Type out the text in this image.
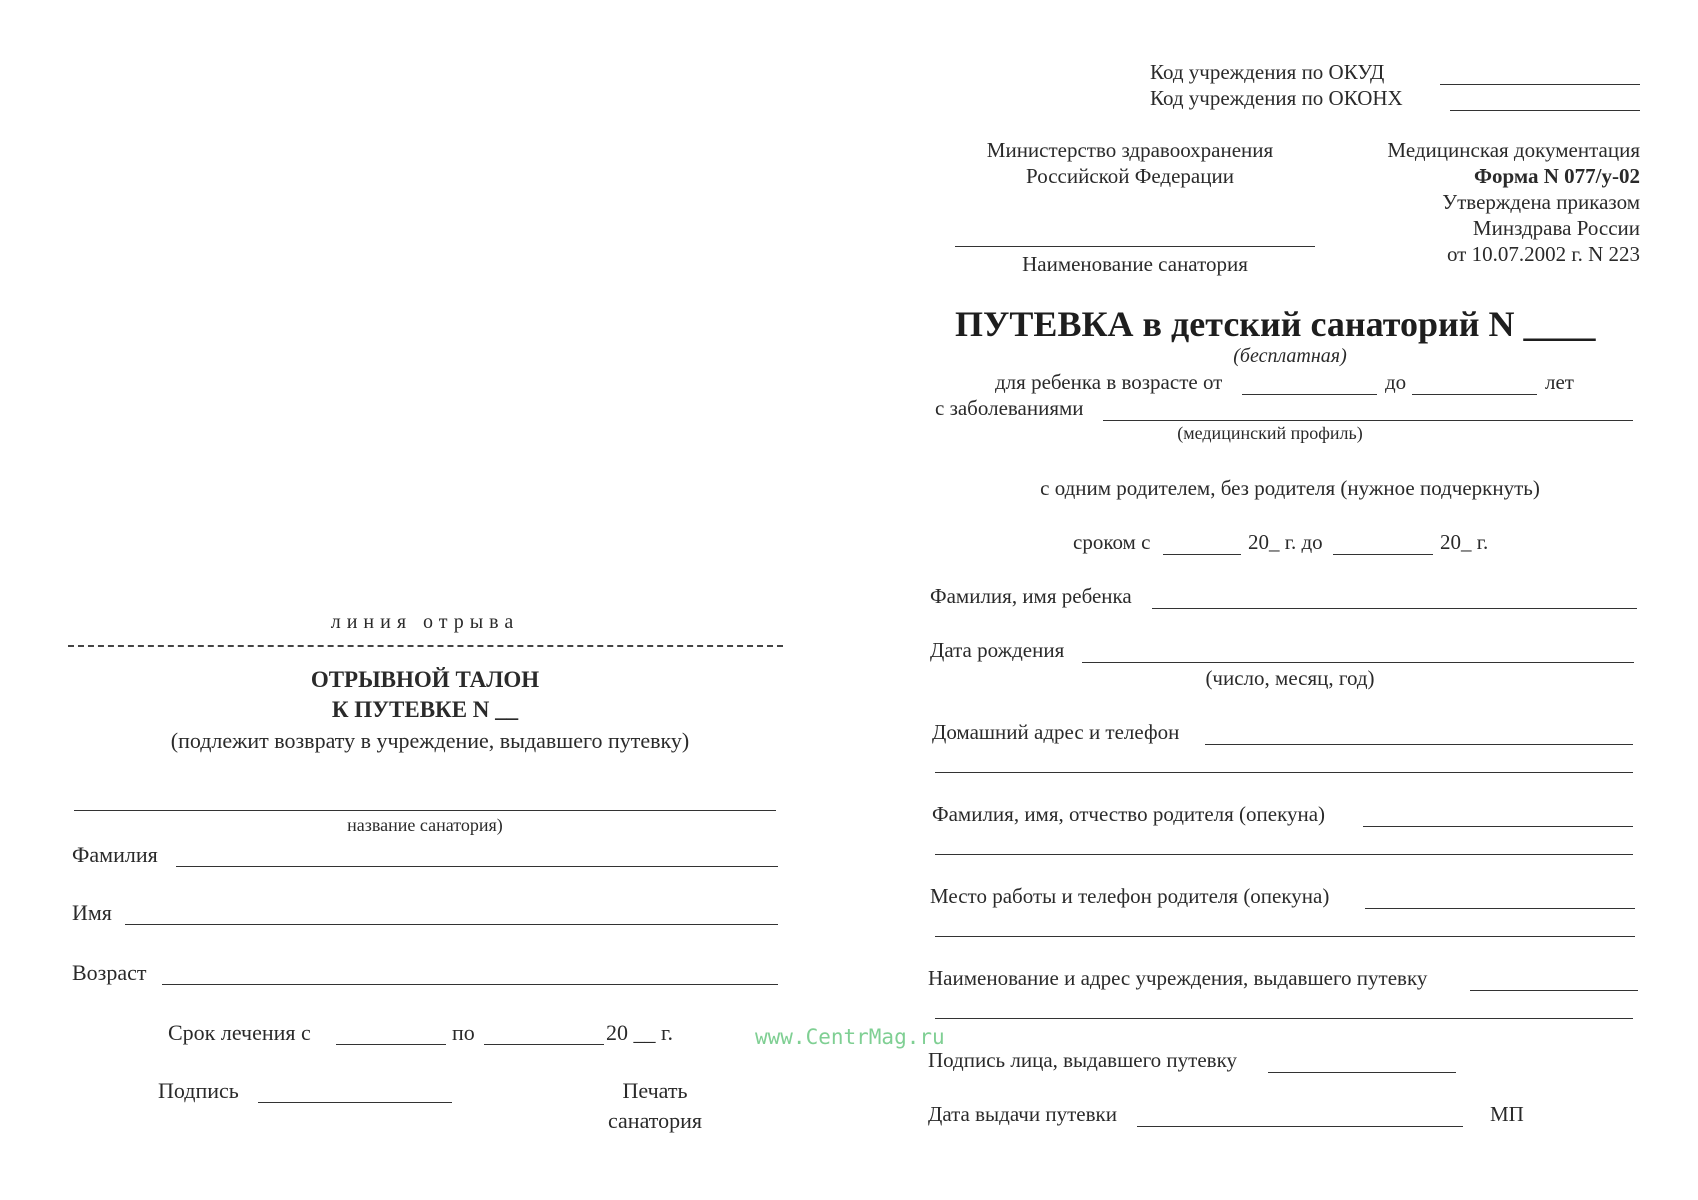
Код учреждения по ОКУД
Код учреждения по ОКОНХ
Министерство здравоохранения
Российской Федерации
Наименование санатория
Медицинская документация
Форма N 077/у-02
Утверждена приказом
Минздрава России
от 10.07.2002 г. N 223
ПУТЕВКА в детский санаторий N ____
(бесплатная)
для ребенка в возрасте от	до	лет
с заболеваниями
(медицинский профиль)
с одним родителем, без родителя (нужное подчеркнуть)
сроком с	20_ г. до	20_ г.
Фамилия, имя ребенка
Дата рождения
(число, месяц, год)
Домашний адрес и телефон
Фамилия, имя, отчество родителя (опекуна)
Место работы и телефон родителя (опекуна)
Наименование и адрес учреждения, выдавшего путевку
Подпись лица, выдавшего путевку
Дата выдачи путевки	МП
линия отрыва
ОТРЫВНОЙ ТАЛОН
К ПУТЕВКЕ N __
(подлежит возврату в учреждение, выдавшего путевку)
название санатория)
Фамилия
Имя
Возраст
Срок лечения с	по	20 __ г.
Подпись	Печать
санатория
www.CentrMag.ru
